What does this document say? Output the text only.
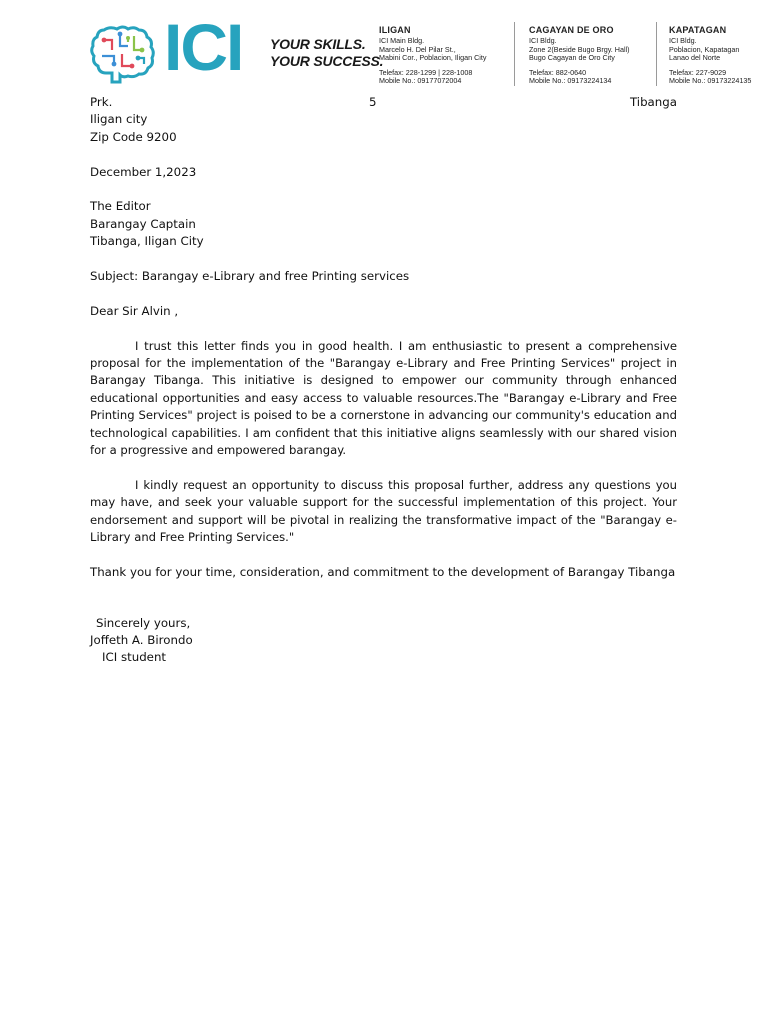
ICI YOUR SKILLS.
YOUR SUCCESS.
ILIGAN
ICI Main Bldg.
Marcelo H. Del Pilar St.,
Mabini Cor., Poblacion, Iligan City
Telefax: 228-1299 | 228-1008
Mobile No.: 09177072004
CAGAYAN DE ORO
ICI Bldg.
Zone 2(Beside Bugo Brgy. Hall)
Bugo Cagayan de Oro City
Telefax: 882-0640
Mobile No.: 09173224134
KAPATAGAN
ICI Bldg.
Poblacion, Kapatagan
Lanao del Norte
Telefax: 227-9029
Mobile No.: 09173224135
Prk.	5	Tibanga
Iligan city
Zip Code 9200
December 1,2023
The Editor
Barangay Captain
Tibanga, Iligan City
Subject: Barangay e-Library and free Printing services
Dear Sir Alvin ,
I trust this letter finds you in good health. I am enthusiastic to present a comprehensive proposal for the implementation of the "Barangay e-Library and Free Printing Services" project in Barangay Tibanga. This initiative is designed to empower our community through enhanced educational opportunities and easy access to valuable resources.The "Barangay e-Library and Free Printing Services" project is poised to be a cornerstone in advancing our community's education and technological capabilities. I am confident that this initiative aligns seamlessly with our shared vision for a progressive and empowered barangay.
I kindly request an opportunity to discuss this proposal further, address any questions you may have, and seek your valuable support for the successful implementation of this project. Your endorsement and support will be pivotal in realizing the transformative impact of the "Barangay e-Library and Free Printing Services."
Thank you for your time, consideration, and commitment to the development of Barangay Tibanga
Sincerely yours,
Joffeth A. Birondo
ICI student
